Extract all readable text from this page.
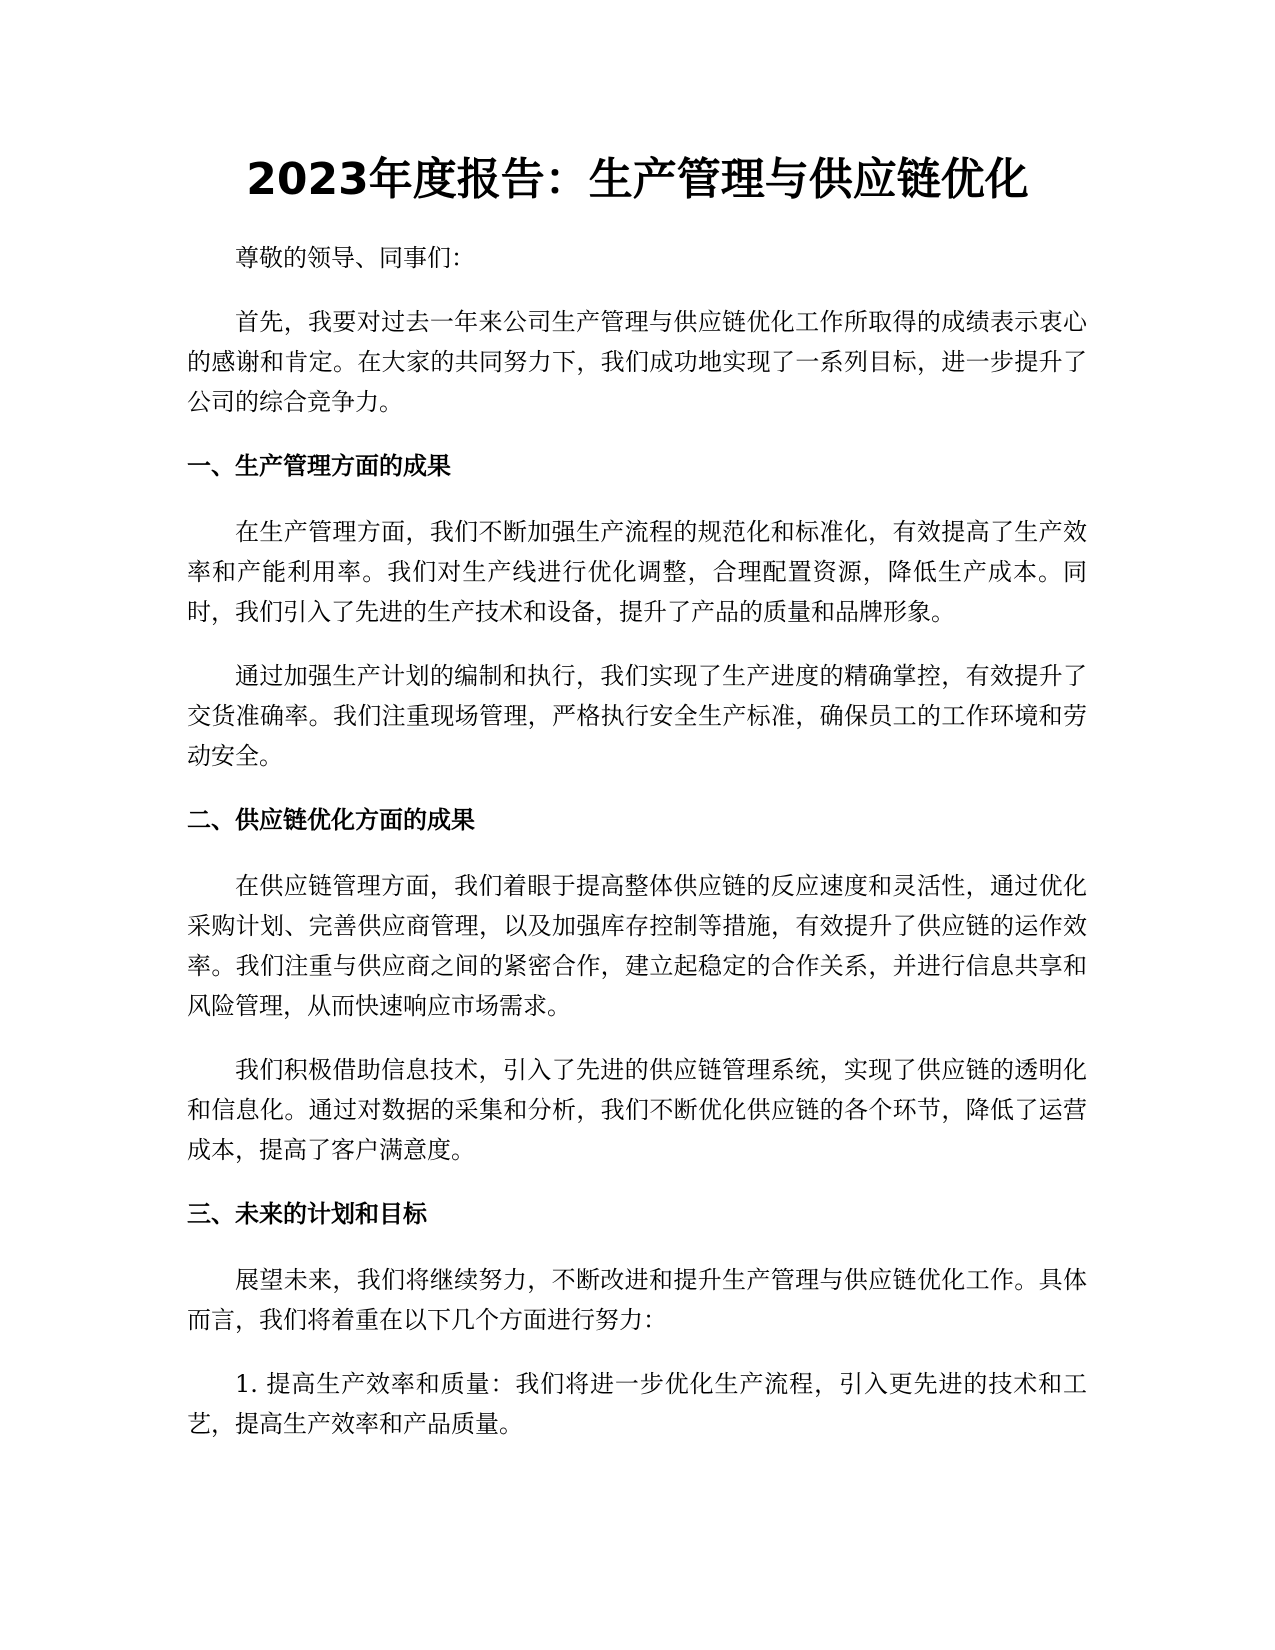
2023年度报告：生产管理与供应链优化

尊敬的领导、同事们：

首先，我要对过去一年来公司生产管理与供应链优化工作所取得的成绩表示衷心的感谢和肯定。在大家的共同努力下，我们成功地实现了一系列目标，进一步提升了公司的综合竞争力。

一、生产管理方面的成果

在生产管理方面，我们不断加强生产流程的规范化和标准化，有效提高了生产效率和产能利用率。我们对生产线进行优化调整，合理配置资源，降低生产成本。同时，我们引入了先进的生产技术和设备，提升了产品的质量和品牌形象。

通过加强生产计划的编制和执行，我们实现了生产进度的精确掌控，有效提升了交货准确率。我们注重现场管理，严格执行安全生产标准，确保员工的工作环境和劳动安全。

二、供应链优化方面的成果

在供应链管理方面，我们着眼于提高整体供应链的反应速度和灵活性，通过优化采购计划、完善供应商管理，以及加强库存控制等措施，有效提升了供应链的运作效率。我们注重与供应商之间的紧密合作，建立起稳定的合作关系，并进行信息共享和风险管理，从而快速响应市场需求。

我们积极借助信息技术，引入了先进的供应链管理系统，实现了供应链的透明化和信息化。通过对数据的采集和分析，我们不断优化供应链的各个环节，降低了运营成本，提高了客户满意度。

三、未来的计划和目标

展望未来，我们将继续努力，不断改进和提升生产管理与供应链优化工作。具体而言，我们将着重在以下几个方面进行努力：

1. 提高生产效率和质量：我们将进一步优化生产流程，引入更先进的技术和工艺，提高生产效率和产品质量。
